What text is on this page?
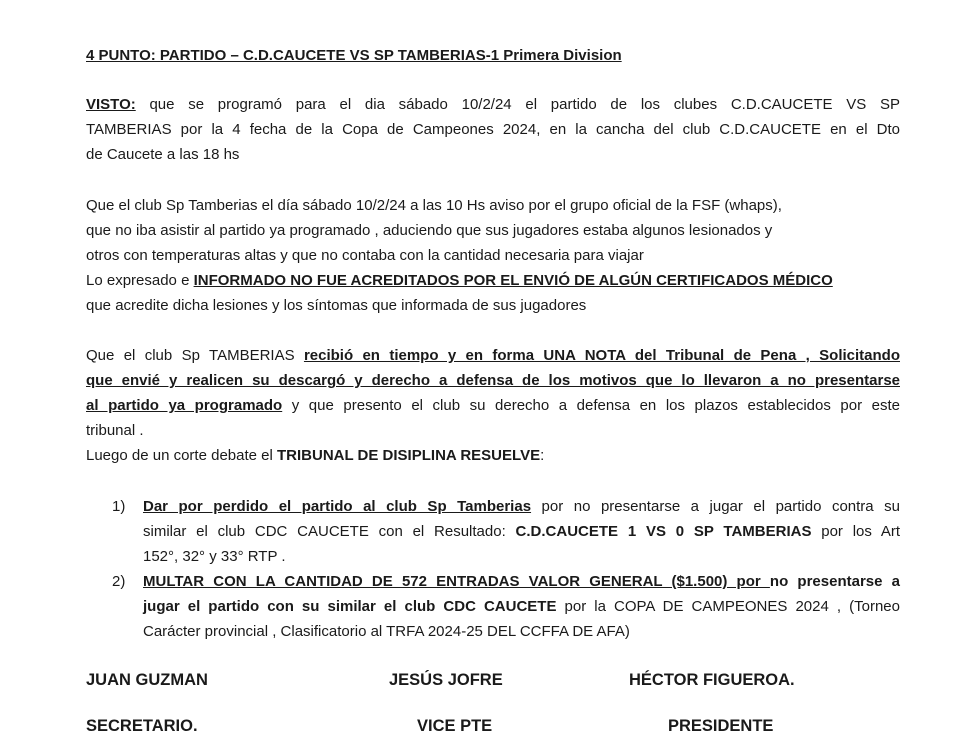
4 PUNTO: PARTIDO – C.D.CAUCETE VS SP TAMBERIAS-1 Primera Division
VISTO: que se programó para el dia sábado 10/2/24 el partido de los clubes C.D.CAUCETE VS SP
TAMBERIAS por la 4 fecha de la Copa de Campeones 2024, en la cancha del club C.D.CAUCETE en el Dto
de Caucete a las 18 hs
Que el club Sp Tamberias el día sábado 10/2/24 a las 10 Hs aviso por el grupo oficial de la FSF (whaps),
que no iba asistir al partido ya programado , aduciendo que sus jugadores estaba algunos lesionados y
otros con temperaturas altas y que no contaba con la cantidad necesaria para viajar
Lo expresado e INFORMADO NO FUE ACREDITADOS POR EL ENVIÓ DE ALGÚN CERTIFICADOS MÉDICO
que acredite dicha lesiones y los síntomas que informada de sus jugadores
Que el club Sp TAMBERIAS recibió en tiempo y en forma UNA NOTA del Tribunal de Pena , Solicitando
que envié y realicen su descargó y derecho a defensa de los motivos que lo llevaron a no presentarse
al partido ya programado y que presento el club su derecho a defensa en los plazos establecidos por este
tribunal .
Luego de un corte debate el TRIBUNAL DE DISIPLINA RESUELVE:
1) Dar por perdido el partido al club Sp Tamberias por no presentarse a jugar el partido contra su
similar el club CDC CAUCETE con el Resultado: C.D.CAUCETE 1 VS 0 SP TAMBERIAS por los Art
152°, 32° y 33° RTP .
2) MULTAR CON LA CANTIDAD DE 572 ENTRADAS VALOR GENERAL ($1.500) por no presentarse a
jugar el partido con su similar el club CDC CAUCETE por la COPA DE CAMPEONES 2024 , (Torneo
Carácter provincial , Clasificatorio al TRFA 2024-25 DEL CCFFA DE AFA)
JUAN GUZMAN	JESÚS JOFRE	HÉCTOR FIGUEROA.
SECRETARIO.	VICE PTE	PRESIDENTE
